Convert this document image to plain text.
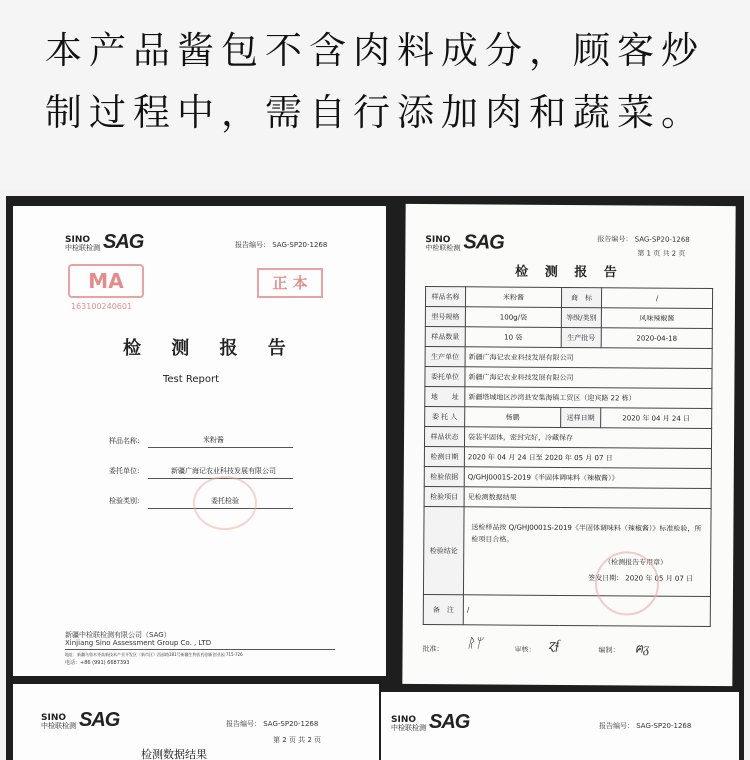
本产品酱包不含肉料成分，顾客炒
制过程中，需自行添加肉和蔬菜。
SINO
中检联检测 SAG	报告编号： SAG-SP20-1268
MA
163100240601
正 本
检 测 报 告
Test Report
样品名称:	米粉酱
委托单位:	新疆广海记农业科技发展有限公司
检验类别:	委托检验
新疆中检联检测有限公司（SAG）
Xinjiang Sino Assessment Group Co. , LTD
地址：新疆乌鲁木齐高新技术产业开发区（新市区）西部路181号新疆生物医药创新创业园 715-726
电话：+86 (991) 6687393
SINO
中检联检测 SAG	报告编号： SAG-SP20-1268
第 1 页 共 2 页
检 测 报 告
样品名称	米粉酱	商　标	/
型号规格	100g/袋	等级/类别	风味辣椒酱
样品数量	10 袋	生产批号	2020-04-18
生产单位	新疆广海记农业科技发展有限公司		
委托单位	新疆广海记农业科技发展有限公司		
地　　址	新疆塔城地区沙湾县安集海镇工贸区（迎宾路 22 栋）		
委 托 人	杨鹏	送样日期	2020 年 04 月 24 日
样品状态	袋装半固体，密封完好，冷藏保存		
检测日期	2020 年 04 月 24 日至 2020 年 05 月 07 日		
检验依据	Q/GHJ0001S-2019《半固体调味料（辣椒酱）》		
检验项目	见检测数据结果		
检验结论	送检样品按 Q/GHJ0001S-2019《半固体调味料（辣椒酱）》标准检验，所检项目合格。
（检测报告专用章）
签发日期： 2020 年 05 月 07 日		

备　注	/		
批准： ᚱᛘ	审核： ɀᵮ	编制： ฅᵹ
SINO
中检联检测 SAG	报告编号： SAG-SP20-1268
第 2 页 共 2 页
检测数据结果
SINO
中检联检测 SAG	报告编号： SAG-SP20-1268
